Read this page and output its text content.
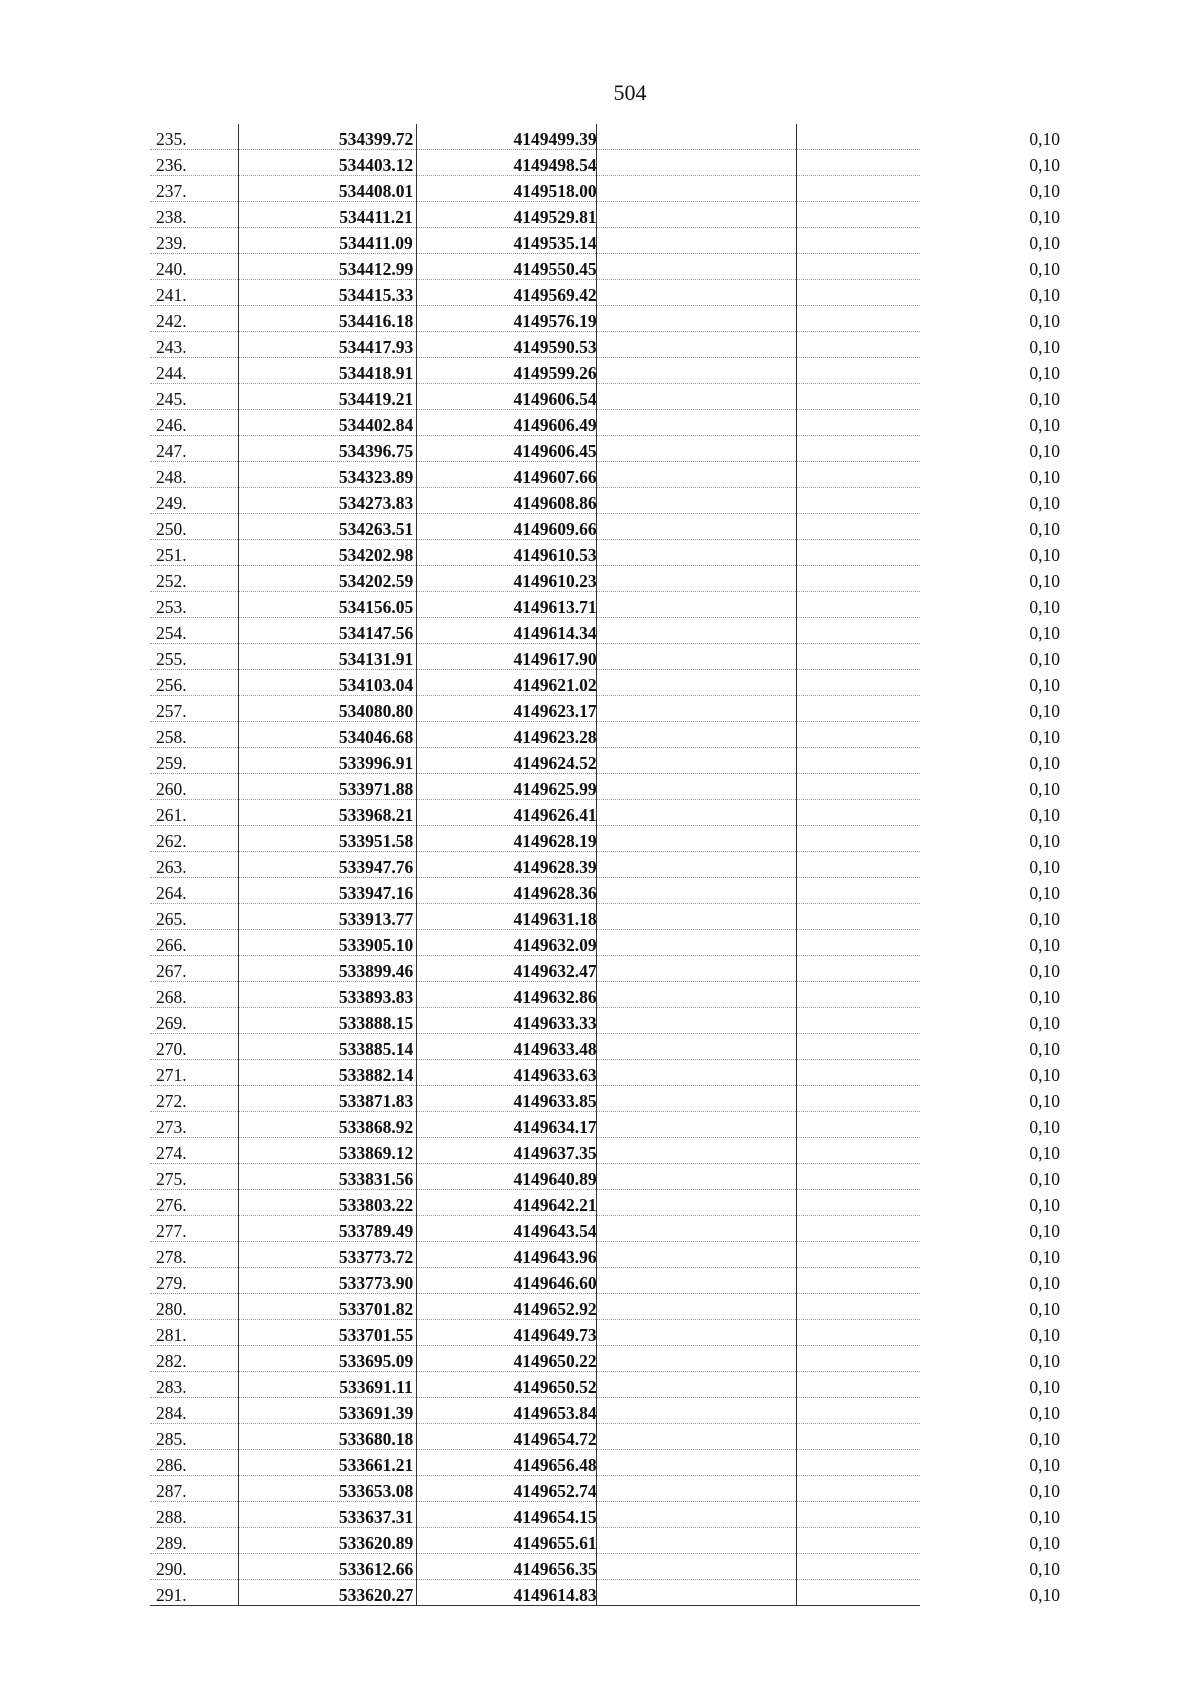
504
235.	534399.72	4149499.39	0,10
236.	534403.12	4149498.54	0,10
237.	534408.01	4149518.00	0,10
238.	534411.21	4149529.81	0,10
239.	534411.09	4149535.14	0,10
240.	534412.99	4149550.45	0,10
241.	534415.33	4149569.42	0,10
242.	534416.18	4149576.19	0,10
243.	534417.93	4149590.53	0,10
244.	534418.91	4149599.26	0,10
245.	534419.21	4149606.54	0,10
246.	534402.84	4149606.49	0,10
247.	534396.75	4149606.45	0,10
248.	534323.89	4149607.66	0,10
249.	534273.83	4149608.86	0,10
250.	534263.51	4149609.66	0,10
251.	534202.98	4149610.53	0,10
252.	534202.59	4149610.23	0,10
253.	534156.05	4149613.71	0,10
254.	534147.56	4149614.34	0,10
255.	534131.91	4149617.90	0,10
256.	534103.04	4149621.02	0,10
257.	534080.80	4149623.17	0,10
258.	534046.68	4149623.28	0,10
259.	533996.91	4149624.52	0,10
260.	533971.88	4149625.99	0,10
261.	533968.21	4149626.41	0,10
262.	533951.58	4149628.19	0,10
263.	533947.76	4149628.39	0,10
264.	533947.16	4149628.36	0,10
265.	533913.77	4149631.18	0,10
266.	533905.10	4149632.09	0,10
267.	533899.46	4149632.47	0,10
268.	533893.83	4149632.86	0,10
269.	533888.15	4149633.33	0,10
270.	533885.14	4149633.48	0,10
271.	533882.14	4149633.63	0,10
272.	533871.83	4149633.85	0,10
273.	533868.92	4149634.17	0,10
274.	533869.12	4149637.35	0,10
275.	533831.56	4149640.89	0,10
276.	533803.22	4149642.21	0,10
277.	533789.49	4149643.54	0,10
278.	533773.72	4149643.96	0,10
279.	533773.90	4149646.60	0,10
280.	533701.82	4149652.92	0,10
281.	533701.55	4149649.73	0,10
282.	533695.09	4149650.22	0,10
283.	533691.11	4149650.52	0,10
284.	533691.39	4149653.84	0,10
285.	533680.18	4149654.72	0,10
286.	533661.21	4149656.48	0,10
287.	533653.08	4149652.74	0,10
288.	533637.31	4149654.15	0,10
289.	533620.89	4149655.61	0,10
290.	533612.66	4149656.35	0,10
291.	533620.27	4149614.83	0,10
